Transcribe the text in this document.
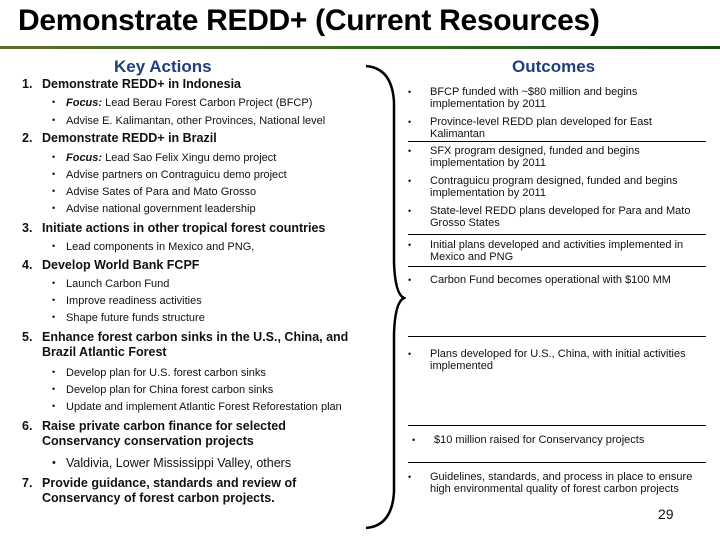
Demonstrate REDD+ (Current Resources)
Key Actions	Outcomes
1. Demonstrate REDD+ in Indonesia
• Focus: Lead Berau Forest Carbon Project (BFCP)
• Advise E. Kalimantan, other Provinces, National level
2. Demonstrate REDD+ in Brazil
• Focus: Lead Sao Felix Xingu demo project
• Advise partners on Contraguicu demo project
• Advise Sates of Para and Mato Grosso
• Advise national government leadership
3. Initiate actions in other tropical forest countries
• Lead components in Mexico and PNG,
4. Develop World Bank FCPF
• Launch Carbon Fund
• Improve readiness activities
• Shape future funds structure
5. Enhance forest carbon sinks in the U.S., China, and
Brazil Atlantic Forest
• Develop plan for U.S. forest carbon sinks
• Develop plan for China forest carbon sinks
• Update and implement Atlantic Forest Reforestation plan
6. Raise private carbon finance for selected
Conservancy conservation projects
• Valdivia, Lower Mississippi Valley, others
7. Provide guidance, standards and review of
Conservancy of forest carbon projects.
•	BFCP funded with ~$80 million and begins implementation by 2011
•	Province-level REDD plan developed for East Kalimantan
•	SFX program designed, funded and begins implementation by 2011
•	Contraguicu program designed, funded and begins implementation by 2011
•	State-level REDD plans developed for Para and Mato Grosso States
•	Initial plans developed and activities implemented in Mexico and PNG
•	Carbon Fund becomes operational with $100 MM
•	Plans developed for U.S., China, with initial activities implemented
•	$10 million raised for Conservancy projects
•	Guidelines, standards, and process in place to ensure high environmental quality of forest carbon projects
29
